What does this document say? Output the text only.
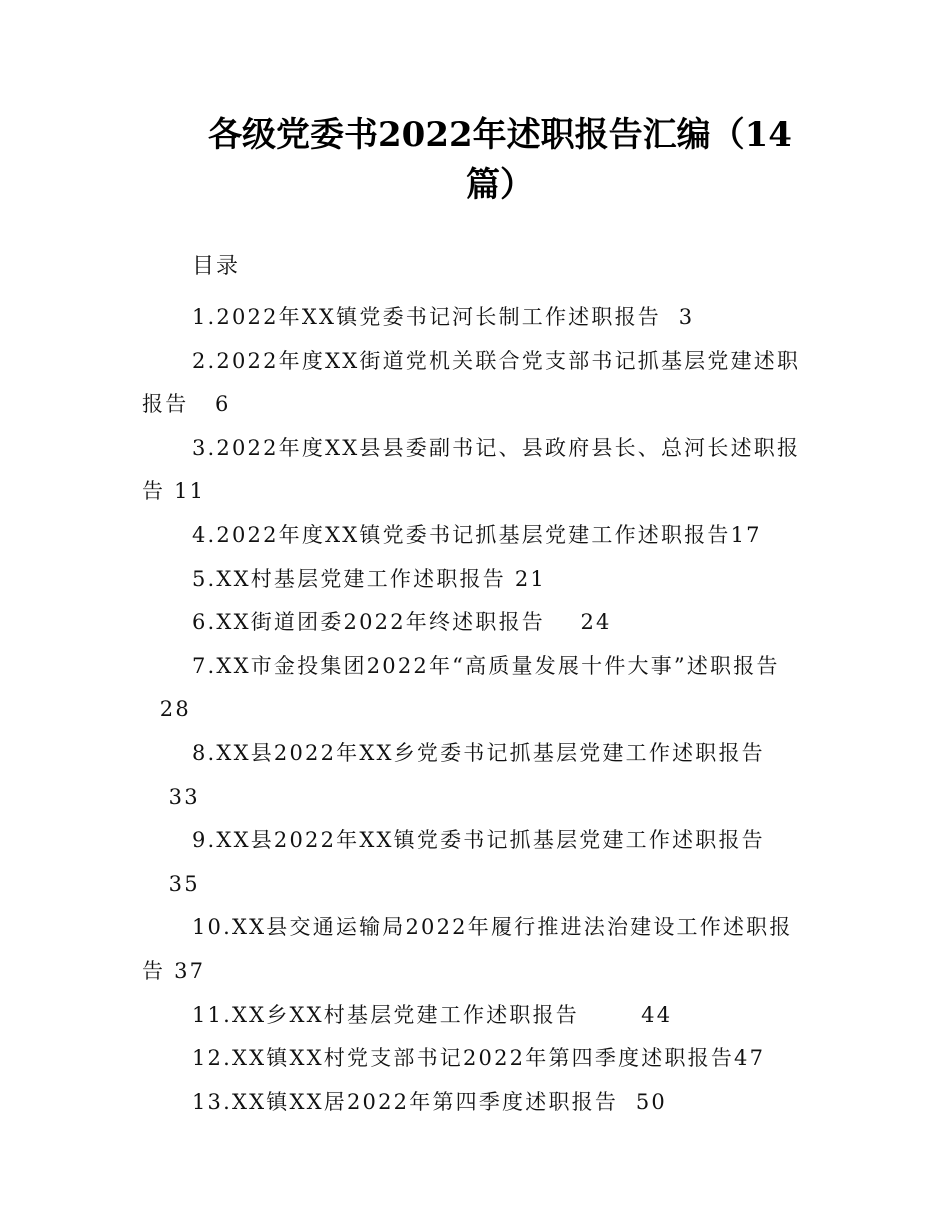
各级党委书2022年述职报告汇编（14篇）

目录

1.2022年XX镇党委书记河长制工作述职报告 3
2.2022年度XX街道党机关联合党支部书记抓基层党建述职报告 6
3.2022年度XX县县委副书记、县政府县长、总河长述职报告 11
4.2022年度XX镇党委书记抓基层党建工作述职报告17
5.XX村基层党建工作述职报告 21
6.XX街道团委2022年终述职报告 24
7.XX市金投集团2022年“高质量发展十件大事”述职报告  28
8.XX县2022年XX乡党委书记抓基层党建工作述职报告   33
9.XX县2022年XX镇党委书记抓基层党建工作述职报告   35
10.XX县交通运输局2022年履行推进法治建设工作述职报告 37
11.XX乡XX村基层党建工作述职报告	44
12.XX镇XX村党支部书记2022年第四季度述职报告47
13.XX镇XX居2022年第四季度述职报告 50
